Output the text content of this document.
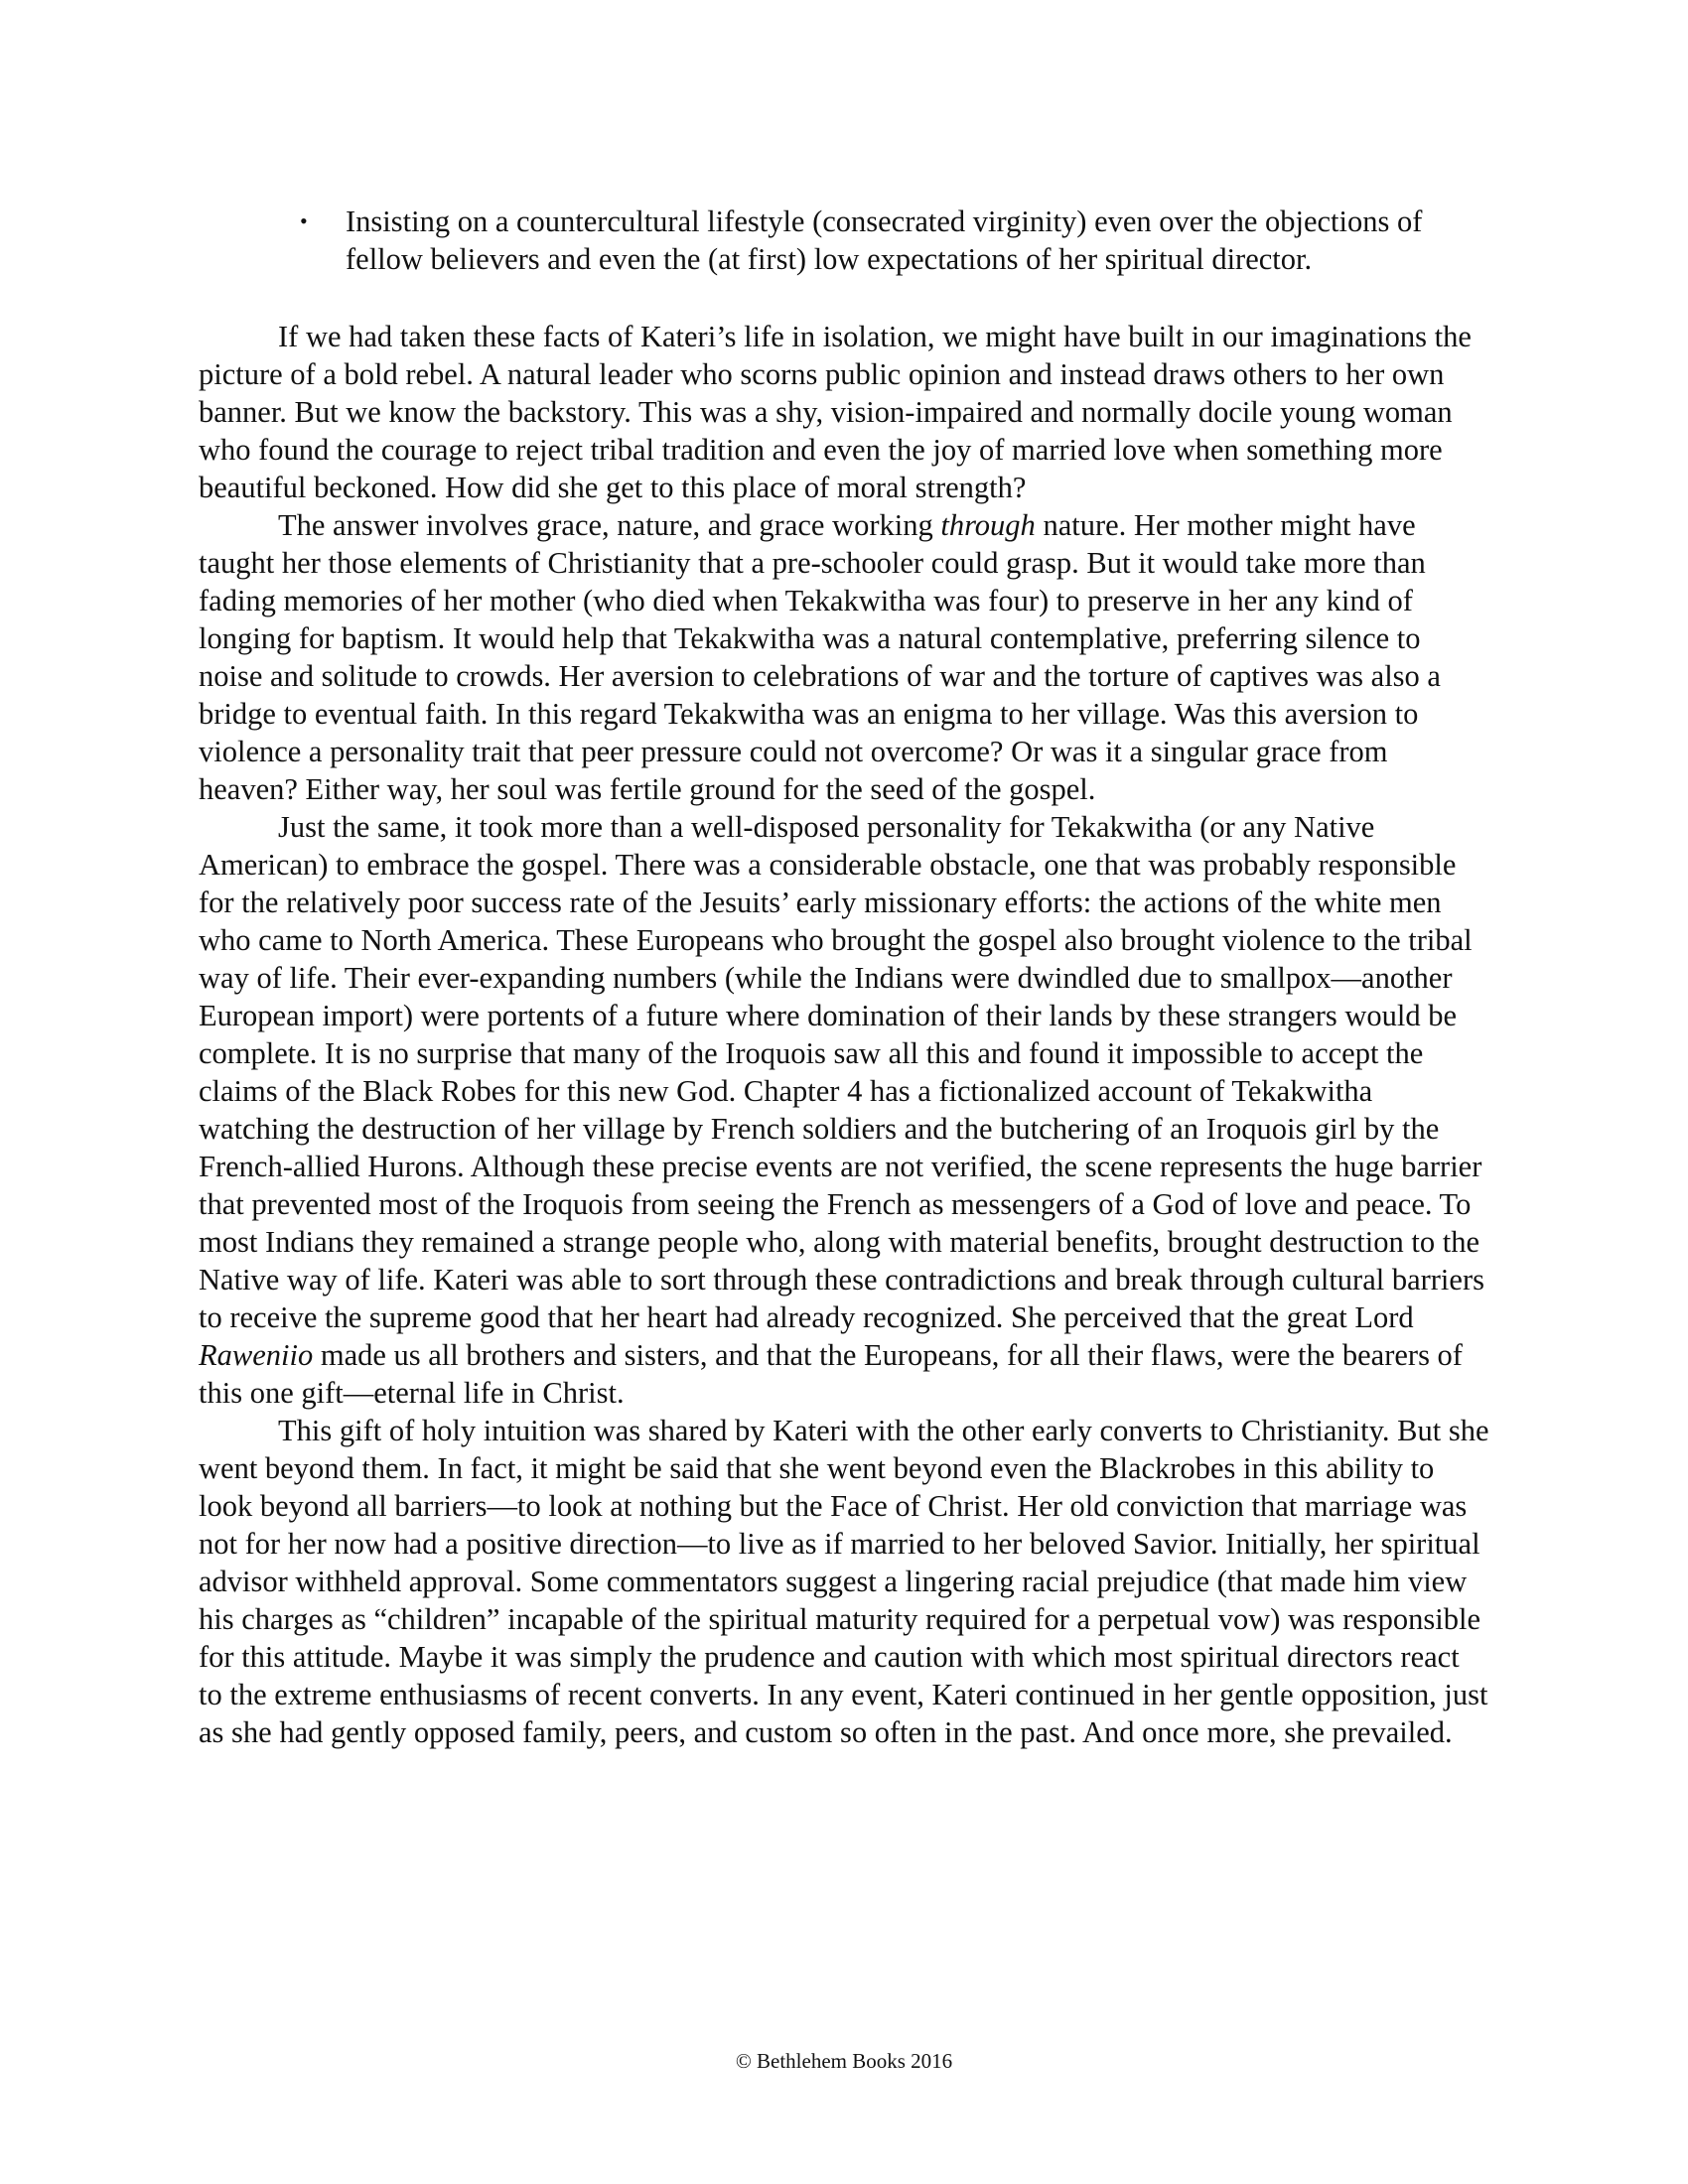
• Insisting on a countercultural lifestyle (consecrated virginity) even over the objections of fellow believers and even the (at first) low expectations of her spiritual director.

If we had taken these facts of Kateri’s life in isolation, we might have built in our imaginations the picture of a bold rebel. A natural leader who scorns public opinion and instead draws others to her own banner. But we know the backstory. This was a shy, vision-impaired and normally docile young woman who found the courage to reject tribal tradition and even the joy of married love when something more beautiful beckoned. How did she get to this place of moral strength?

The answer involves grace, nature, and grace working through nature. Her mother might have taught her those elements of Christianity that a pre-schooler could grasp. But it would take more than fading memories of her mother (who died when Tekakwitha was four) to preserve in her any kind of longing for baptism. It would help that Tekakwitha was a natural contemplative, preferring silence to noise and solitude to crowds. Her aversion to celebrations of war and the torture of captives was also a bridge to eventual faith. In this regard Tekakwitha was an enigma to her village. Was this aversion to violence a personality trait that peer pressure could not overcome? Or was it a singular grace from heaven? Either way, her soul was fertile ground for the seed of the gospel.

Just the same, it took more than a well-disposed personality for Tekakwitha (or any Native American) to embrace the gospel. There was a considerable obstacle, one that was probably responsible for the relatively poor success rate of the Jesuits’ early missionary efforts: the actions of the white men who came to North America. These Europeans who brought the gospel also brought violence to the tribal way of life. Their ever-expanding numbers (while the Indians were dwindled due to smallpox—another European import) were portents of a future where domination of their lands by these strangers would be complete. It is no surprise that many of the Iroquois saw all this and found it impossible to accept the claims of the Black Robes for this new God. Chapter 4 has a fictionalized account of Tekakwitha watching the destruction of her village by French soldiers and the butchering of an Iroquois girl by the French-allied Hurons. Although these precise events are not verified, the scene represents the huge barrier that prevented most of the Iroquois from seeing the French as messengers of a God of love and peace. To most Indians they remained a strange people who, along with material benefits, brought destruction to the Native way of life. Kateri was able to sort through these contradictions and break through cultural barriers to receive the supreme good that her heart had already recognized. She perceived that the great Lord Raweniio made us all brothers and sisters, and that the Europeans, for all their flaws, were the bearers of this one gift—eternal life in Christ.

This gift of holy intuition was shared by Kateri with the other early converts to Christianity. But she went beyond them. In fact, it might be said that she went beyond even the Blackrobes in this ability to look beyond all barriers—to look at nothing but the Face of Christ. Her old conviction that marriage was not for her now had a positive direction—to live as if married to her beloved Savior. Initially, her spiritual advisor withheld approval. Some commentators suggest a lingering racial prejudice (that made him view his charges as “children” incapable of the spiritual maturity required for a perpetual vow) was responsible for this attitude. Maybe it was simply the prudence and caution with which most spiritual directors react to the extreme enthusiasms of recent converts. In any event, Kateri continued in her gentle opposition, just as she had gently opposed family, peers, and custom so often in the past. And once more, she prevailed.

© Bethlehem Books 2016
